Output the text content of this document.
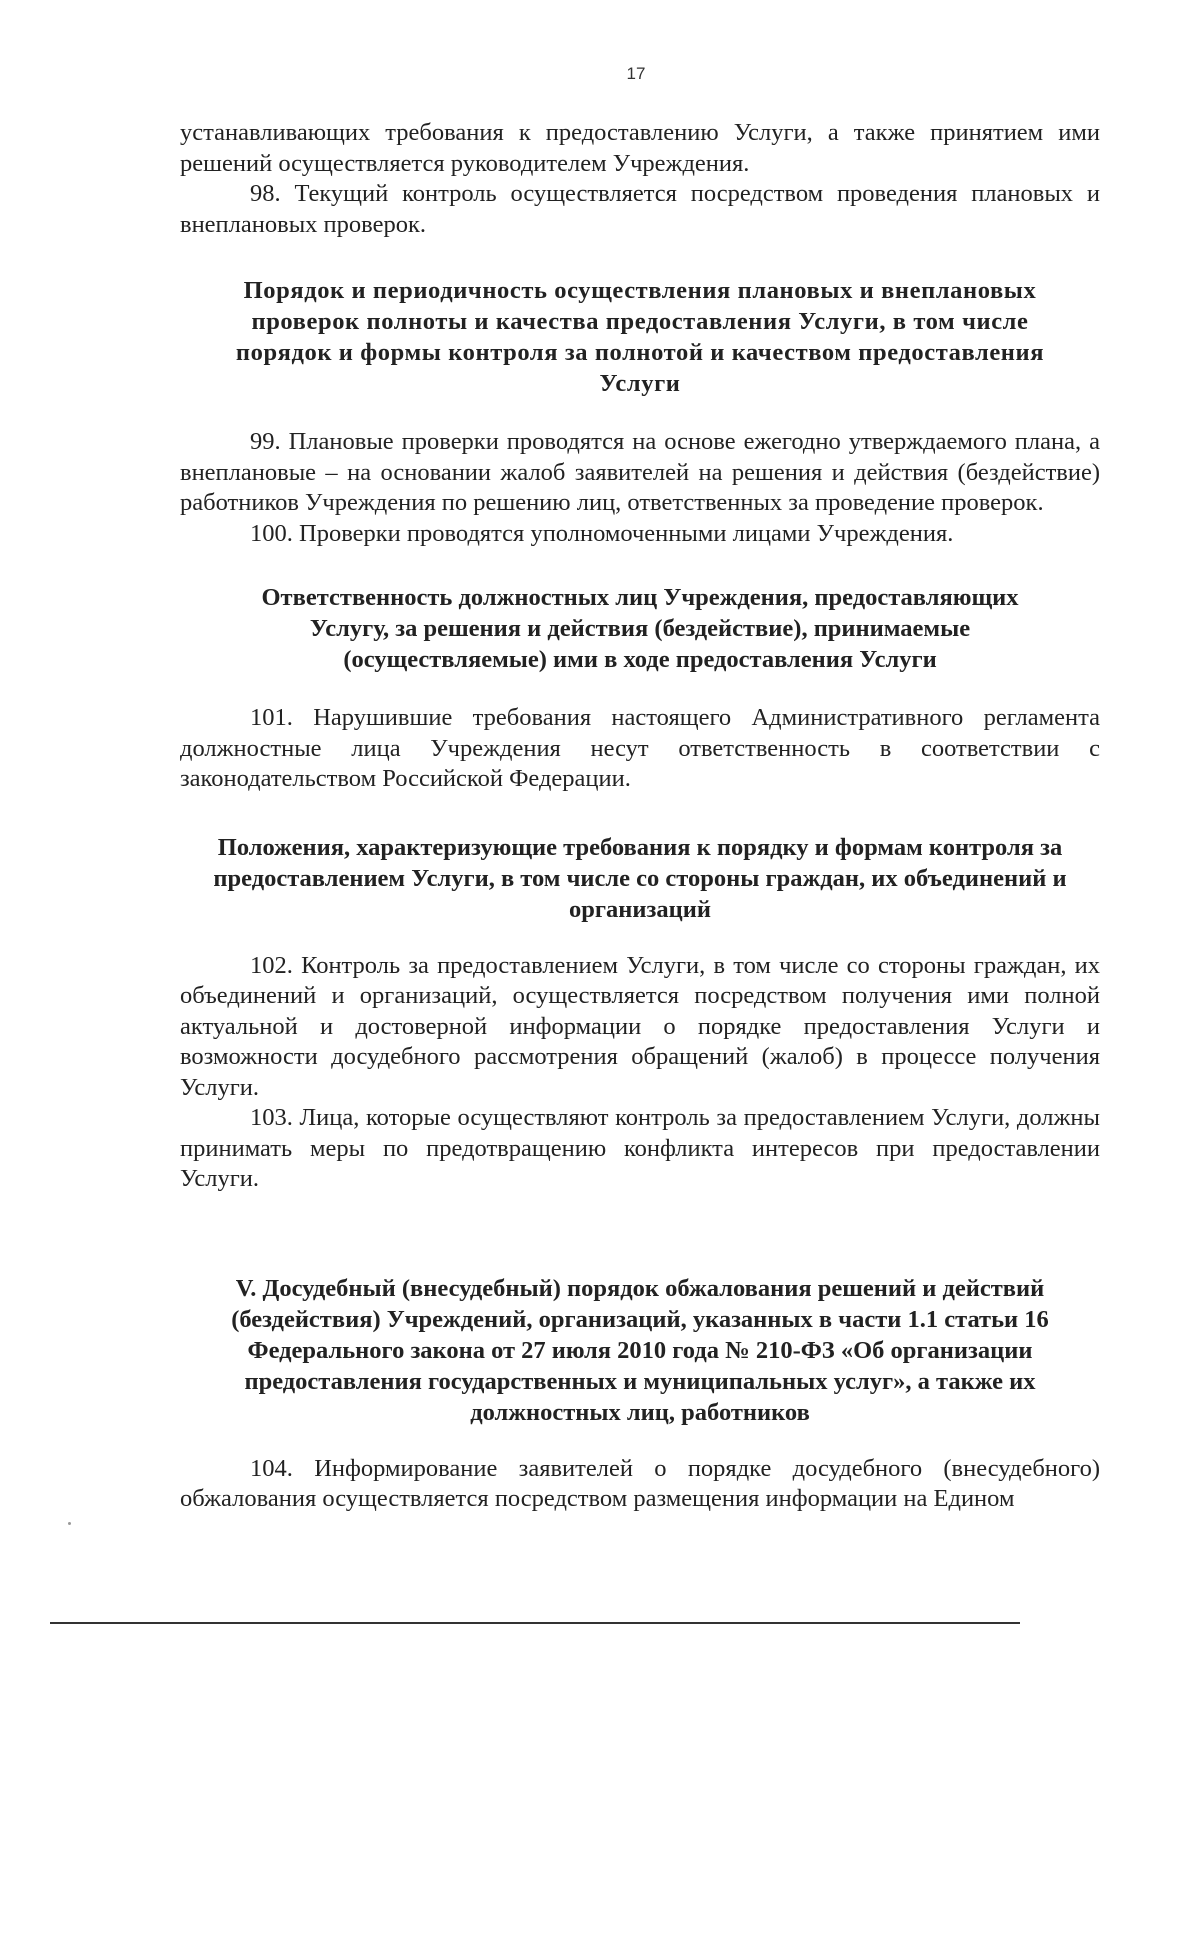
17

устанавливающих требования к предоставлению Услуги, а также принятием ими решений осуществляется руководителем Учреждения.

98. Текущий контроль осуществляется посредством проведения плановых и внеплановых проверок.

Порядок и периодичность осуществления плановых и внеплановых проверок полноты и качества предоставления Услуги, в том числе порядок и формы контроля за полнотой и качеством предоставления Услуги

99. Плановые проверки проводятся на основе ежегодно утверждаемого плана, а внеплановые – на основании жалоб заявителей на решения и действия (бездействие) работников Учреждения по решению лиц, ответственных за проведение проверок.

100. Проверки проводятся уполномоченными лицами Учреждения.

Ответственность должностных лиц Учреждения, предоставляющих Услугу, за решения и действия (бездействие), принимаемые (осуществляемые) ими в ходе предоставления Услуги

101. Нарушившие требования настоящего Административного регламента должностные лица Учреждения несут ответственность в соответствии с законодательством Российской Федерации.

Положения, характеризующие требования к порядку и формам контроля за предоставлением Услуги, в том числе со стороны граждан, их объединений и организаций

102. Контроль за предоставлением Услуги, в том числе со стороны граждан, их объединений и организаций, осуществляется посредством получения ими полной актуальной и достоверной информации о порядке предоставления Услуги и возможности досудебного рассмотрения обращений (жалоб) в процессе получения Услуги.

103. Лица, которые осуществляют контроль за предоставлением Услуги, должны принимать меры по предотвращению конфликта интересов при предоставлении Услуги.

V. Досудебный (внесудебный) порядок обжалования решений и действий (бездействия) Учреждений, организаций, указанных в части 1.1 статьи 16 Федерального закона от 27 июля 2010 года № 210-ФЗ «Об организации предоставления государственных и муниципальных услуг», а также их должностных лиц, работников

104. Информирование заявителей о порядке досудебного (внесудебного) обжалования осуществляется посредством размещения информации на Едином
